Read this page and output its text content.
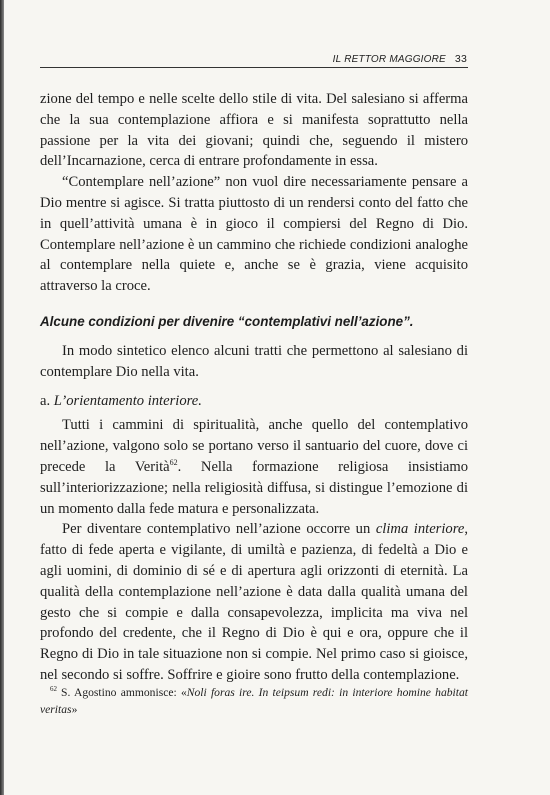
IL RETTOR MAGGIORE 33

zione del tempo e nelle scelte dello stile di vita. Del salesiano si afferma che la sua contemplazione affiora e si manifesta soprattutto nella passione per la vita dei giovani; quindi che, seguendo il mistero dell’Incarnazione, cerca di entrare profondamente in essa.

“Contemplare nell’azione” non vuol dire necessariamente pensare a Dio mentre si agisce. Si tratta piuttosto di un rendersi conto del fatto che in quell’attività umana è in gioco il compiersi del Regno di Dio. Contemplare nell’azione è un cammino che richiede condizioni analoghe al contemplare nella quiete e, anche se è grazia, viene acquisito attraverso la croce.

Alcune condizioni per divenire “contemplativi nell’azione”.

In modo sintetico elenco alcuni tratti che permettono al salesiano di contemplare Dio nella vita.

a. L’orientamento interiore.

Tutti i cammini di spiritualità, anche quello del contemplativo nell’azione, valgono solo se portano verso il santuario del cuore, dove ci precede la Verità$^{62}$. Nella formazione religiosa insistiamo sull’interiorizzazione; nella religiosità diffusa, si distingue l’emozione di un momento dalla fede matura e personalizzata.

Per diventare contemplativo nell’azione occorre un clima interiore, fatto di fede aperta e vigilante, di umiltà e pazienza, di fedeltà a Dio e agli uomini, di dominio di sé e di apertura agli orizzonti di eternità. La qualità della contemplazione nell’azione è data dalla qualità umana del gesto che si compie e dalla consapevolezza, implicita ma viva nel profondo del credente, che il Regno di Dio è qui e ora, oppure che il Regno di Dio in tale situazione non si compie. Nel primo caso si gioisce, nel secondo si soffre. Soffrire e gioire sono frutto della contemplazione.

$^{62}$ S. Agostino ammonisce: «Noli foras ire. In teipsum redi: in interiore homine habitat veritas»
